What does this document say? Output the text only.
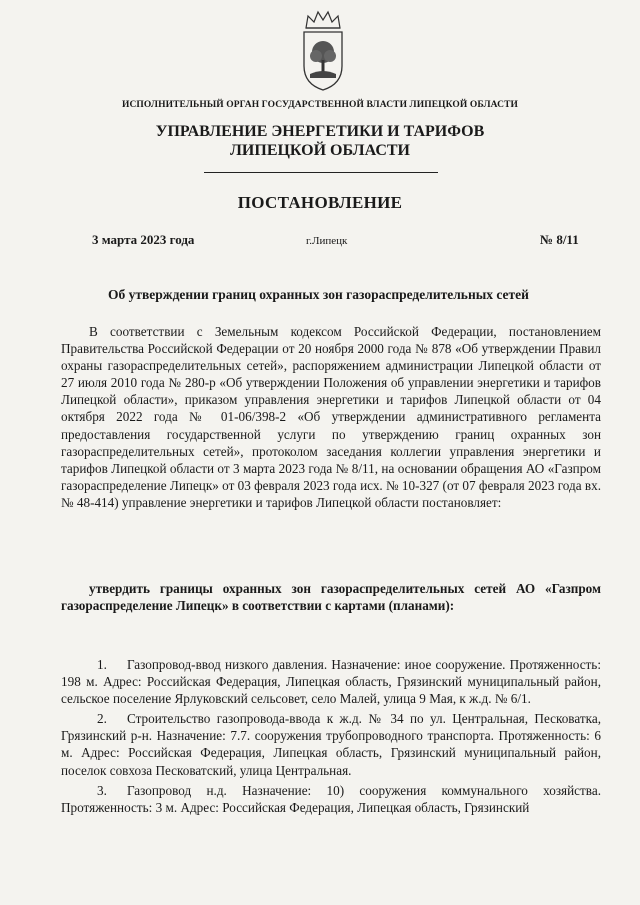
ИСПОЛНИТЕЛЬНЫЙ ОРГАН ГОСУДАРСТВЕННОЙ ВЛАСТИ ЛИПЕЦКОЙ ОБЛАСТИ
УПРАВЛЕНИЕ ЭНЕРГЕТИКИ И ТАРИФОВ
ЛИПЕЦКОЙ ОБЛАСТИ
ПОСТАНОВЛЕНИЕ
3 марта 2023 года	г.Липецк	№ 8/11
Об утверждении границ охранных зон газораспределительных сетей
В соответствии с Земельным кодексом Российской Федерации, постановлением Правительства Российской Федерации от 20 ноября 2000 года № 878 «Об утверждении Правил охраны газораспределительных сетей», распоряжением администрации Липецкой области от 27 июля 2010 года № 280-р «Об утверждении Положения об управлении энергетики и тарифов Липецкой области», приказом управления энергетики и тарифов Липецкой области от 04 октября 2022 года № 01-06/398-2 «Об утверждении административного регламента предоставления государственной услуги по утверждению границ охранных зон газораспределительных сетей», протоколом заседания коллегии управления энергетики и тарифов Липецкой области от 3 марта 2023 года № 8/11, на основании обращения АО «Газпром газораспределение Липецк» от 03 февраля 2023 года исх. № 10-327 (от 07 февраля 2023 года вх. № 48-414) управление энергетики и тарифов Липецкой области постановляет:
утвердить границы охранных зон газораспределительных сетей АО «Газпром газораспределение Липецк» в соответствии с картами (планами):

1. Газопровод-ввод низкого давления. Назначение: иное сооружение. Протяженность: 198 м. Адрес: Российская Федерация, Липецкая область, Грязинский муниципальный район, сельское поселение Ярлуковский сельсовет, село Малей, улица 9 Мая, к ж.д. № 6/1.

2. Строительство газопровода-ввода к ж.д. № 34 по ул. Центральная, Песковатка, Грязинский р-н. Назначение: 7.7. сооружения трубопроводного транспорта. Протяженность: 6 м. Адрес: Российская Федерация, Липецкая область, Грязинский муниципальный район, поселок совхоза Песковатский, улица Центральная.

3. Газопровод н.д. Назначение: 10) сооружения коммунального хозяйства. Протяженность: 3 м. Адрес: Российская Федерация, Липецкая область, Грязинский
